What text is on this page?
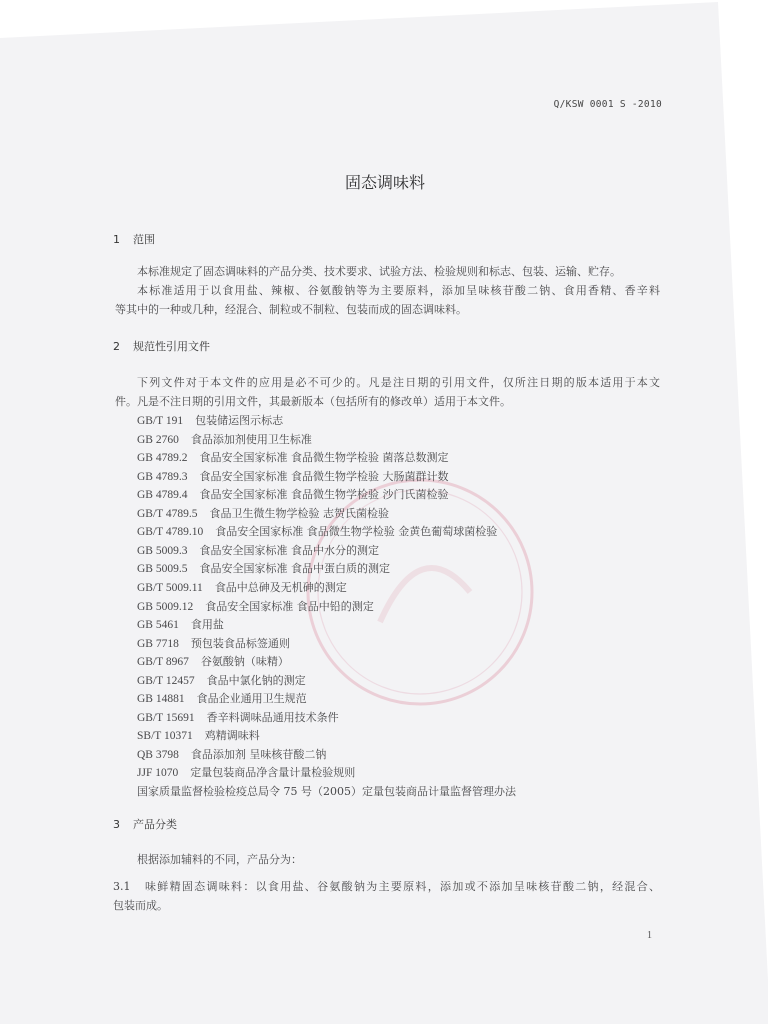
Q/KSW 0001 S -2010
固态调味料
1 范围
本标准规定了固态调味料的产品分类、技术要求、试验方法、检验规则和标志、包装、运输、贮存。
本标准适用于以食用盐、辣椒、谷氨酸钠等为主要原料，添加呈味核苷酸二钠、食用香精、香辛料
等其中的一种或几种，经混合、制粒或不制粒、包装而成的固态调味料。
2 规范性引用文件
下列文件对于本文件的应用是必不可少的。凡是注日期的引用文件，仅所注日期的版本适用于本文
件。凡是不注日期的引用文件，其最新版本（包括所有的修改单）适用于本文件。
GB/T 191 包装储运图示标志
GB 2760 食品添加剂使用卫生标准
GB 4789.2 食品安全国家标准 食品微生物学检验 菌落总数测定
GB 4789.3 食品安全国家标准 食品微生物学检验 大肠菌群计数
GB 4789.4 食品安全国家标准 食品微生物学检验 沙门氏菌检验
GB/T 4789.5 食品卫生微生物学检验 志贺氏菌检验
GB/T 4789.10 食品安全国家标准 食品微生物学检验 金黄色葡萄球菌检验
GB 5009.3 食品安全国家标准 食品中水分的测定
GB 5009.5 食品安全国家标准 食品中蛋白质的测定
GB/T 5009.11 食品中总砷及无机砷的测定
GB 5009.12 食品安全国家标准 食品中铅的测定
GB 5461 食用盐
GB 7718 预包装食品标签通则
GB/T 8967 谷氨酸钠（味精）
GB/T 12457 食品中氯化钠的测定
GB 14881 食品企业通用卫生规范
GB/T 15691 香辛料调味品通用技术条件
SB/T 10371 鸡精调味料
QB 3798 食品添加剂 呈味核苷酸二钠
JJF 1070 定量包装商品净含量计量检验规则
国家质量监督检验检疫总局令 75 号（2005）定量包装商品计量监督管理办法
3 产品分类
根据添加辅料的不同，产品分为：
3.1 味鲜精固态调味料：以食用盐、谷氨酸钠为主要原料，添加或不添加呈味核苷酸二钠，经混合、
包装而成。
1
